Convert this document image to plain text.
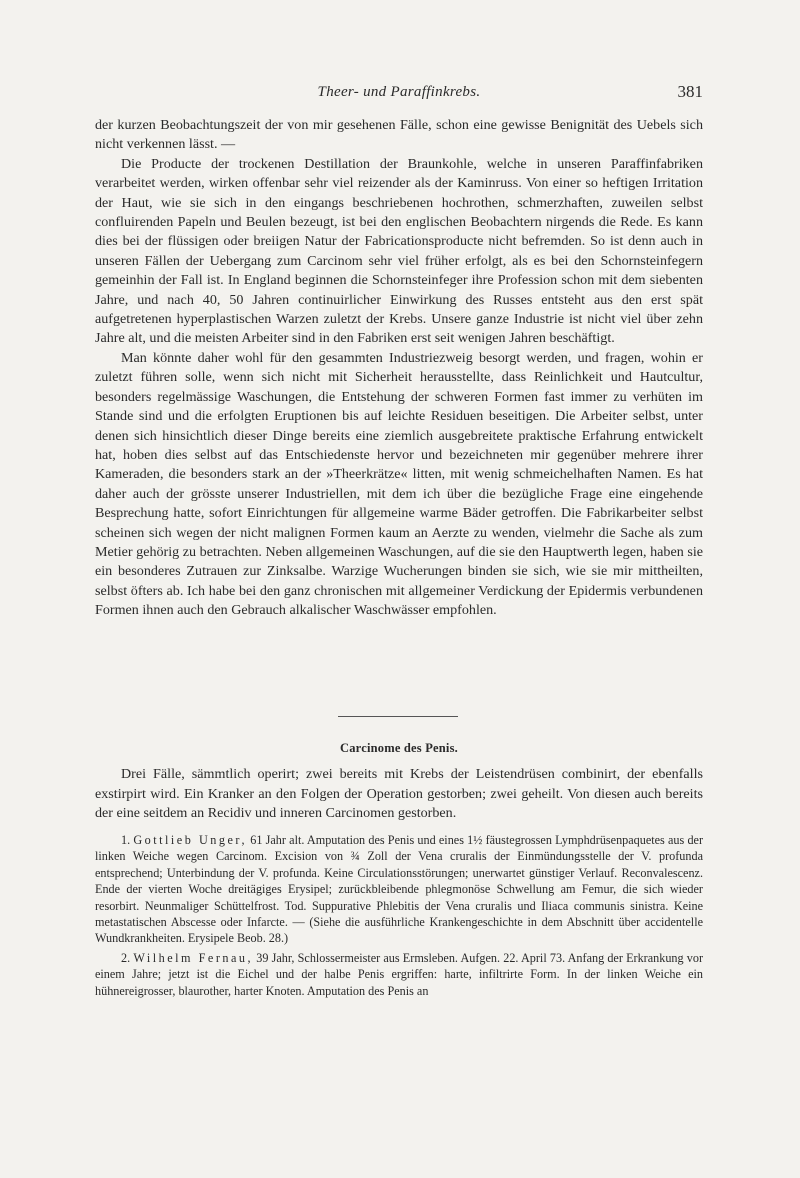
Theer- und Paraffinkrebs.	381

der kurzen Beobachtungszeit der von mir gesehenen Fälle, schon eine gewisse Benignität des Uebels sich nicht verkennen lässt. —

Die Producte der trockenen Destillation der Braunkohle, welche in unseren Paraffinfabriken verarbeitet werden, wirken offenbar sehr viel reizender als der Kaminruss. Von einer so heftigen Irritation der Haut, wie sie sich in den eingangs beschriebenen hochrothen, schmerzhaften, zuweilen selbst confluirenden Papeln und Beulen bezeugt, ist bei den englischen Beobachtern nirgends die Rede. Es kann dies bei der flüssigen oder breiigen Natur der Fabricationsproducte nicht befremden. So ist denn auch in unseren Fällen der Uebergang zum Carcinom sehr viel früher erfolgt, als es bei den Schornsteinfegern gemeinhin der Fall ist. In England beginnen die Schornsteinfeger ihre Profession schon mit dem siebenten Jahre, und nach 40, 50 Jahren continuirlicher Einwirkung des Russes entsteht aus den erst spät aufgetretenen hyperplastischen Warzen zuletzt der Krebs. Unsere ganze Industrie ist nicht viel über zehn Jahre alt, und die meisten Arbeiter sind in den Fabriken erst seit wenigen Jahren beschäftigt.

Man könnte daher wohl für den gesammten Industriezweig besorgt werden, und fragen, wohin er zuletzt führen solle, wenn sich nicht mit Sicherheit herausstellte, dass Reinlichkeit und Hautcultur, besonders regelmässige Waschungen, die Entstehung der schweren Formen fast immer zu verhüten im Stande sind und die erfolgten Eruptionen bis auf leichte Residuen beseitigen. Die Arbeiter selbst, unter denen sich hinsichtlich dieser Dinge bereits eine ziemlich ausgebreitete praktische Erfahrung entwickelt hat, hoben dies selbst auf das Entschiedenste hervor und bezeichneten mir gegenüber mehrere ihrer Kameraden, die besonders stark an der »Theerkrätze« litten, mit wenig schmeichelhaften Namen. Es hat daher auch der grösste unserer Industriellen, mit dem ich über die bezügliche Frage eine eingehende Besprechung hatte, sofort Einrichtungen für allgemeine warme Bäder getroffen. Die Fabrikarbeiter selbst scheinen sich wegen der nicht malignen Formen kaum an Aerzte zu wenden, vielmehr die Sache als zum Metier gehörig zu betrachten. Neben allgemeinen Waschungen, auf die sie den Hauptwerth legen, haben sie ein besonderes Zutrauen zur Zinksalbe. Warzige Wucherungen binden sie sich, wie sie mir mittheilten, selbst öfters ab. Ich habe bei den ganz chronischen mit allgemeiner Verdickung der Epidermis verbundenen Formen ihnen auch den Gebrauch alkalischer Waschwässer empfohlen.

Carcinome des Penis.

Drei Fälle, sämmtlich operirt; zwei bereits mit Krebs der Leistendrüsen combinirt, der ebenfalls exstirpirt wird. Ein Kranker an den Folgen der Operation gestorben; zwei geheilt. Von diesen auch bereits der eine seitdem an Recidiv und inneren Carcinomen gestorben.

1. Gottlieb Unger, 61 Jahr alt. Amputation des Penis und eines 1½ fäustegrossen Lymphdrüsenpaquetes aus der linken Weiche wegen Carcinom. Excision von ¾ Zoll der Vena cruralis der Einmündungsstelle der V. profunda entsprechend; Unterbindung der V. profunda. Keine Circulationsstörungen; unerwartet günstiger Verlauf. Reconvalescenz. Ende der vierten Woche dreitägiges Erysipel; zurückbleibende phlegmonöse Schwellung am Femur, die sich wieder resorbirt. Neunmaliger Schüttelfrost. Tod. Suppurative Phlebitis der Vena cruralis und Iliaca communis sinistra. Keine metastatischen Abscesse oder Infarcte. — (Siehe die ausführliche Krankengeschichte in dem Abschnitt über accidentelle Wundkrankheiten. Erysipele Beob. 28.)

2. Wilhelm Fernau, 39 Jahr, Schlossermeister aus Ermsleben. Aufgen. 22. April 73. Anfang der Erkrankung vor einem Jahre; jetzt ist die Eichel und der halbe Penis ergriffen: harte, infiltrirte Form. In der linken Weiche ein hühnereigrosser, blaurother, harter Knoten. Amputation des Penis an
